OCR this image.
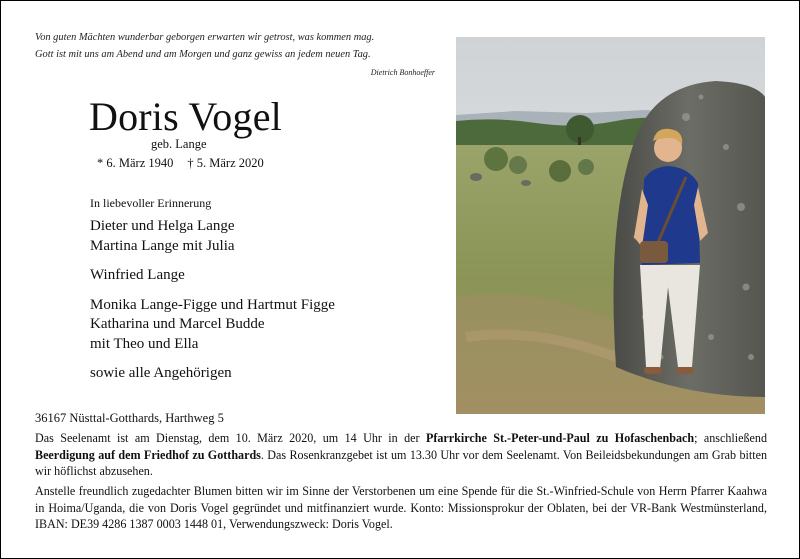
Von guten Mächten wunderbar geborgen erwarten wir getrost, was kommen mag.
Gott ist mit uns am Abend und am Morgen und ganz gewiss an jedem neuen Tag.
Dietrich Bonhoeffer
Doris Vogel
geb. Lange
* 6. März 1940 † 5. März 2020
In liebevoller Erinnerung
Dieter und Helga Lange
Martina Lange mit Julia
Winfried Lange
Monika Lange-Figge und Hartmut Figge
Katharina und Marcel Budde
mit Theo und Ella
sowie alle Angehörigen
36167 Nüsttal-Gotthards, Harthweg 5
Das Seelenamt ist am Dienstag, dem 10. März 2020, um 14 Uhr in der Pfarrkirche St.-Peter-und-Paul zu Hofaschenbach; anschließend Beerdigung auf dem Friedhof zu Gotthards. Das Rosenkranzgebet ist um 13.30 Uhr vor dem Seelenamt. Von Beileidsbekundungen am Grab bitten wir höflichst abzusehen.
Anstelle freundlich zugedachter Blumen bitten wir im Sinne der Verstorbenen um eine Spende für die St.-Winfried-Schule von Herrn Pfarrer Kaahwa in Hoima/Uganda, die von Doris Vogel gegründet und mitfinanziert wurde. Konto: Missionsprokur der Oblaten, bei der VR-Bank Westmünsterland, IBAN: DE39 4286 1387 0003 1448 01, Verwendungszweck: Doris Vogel.
